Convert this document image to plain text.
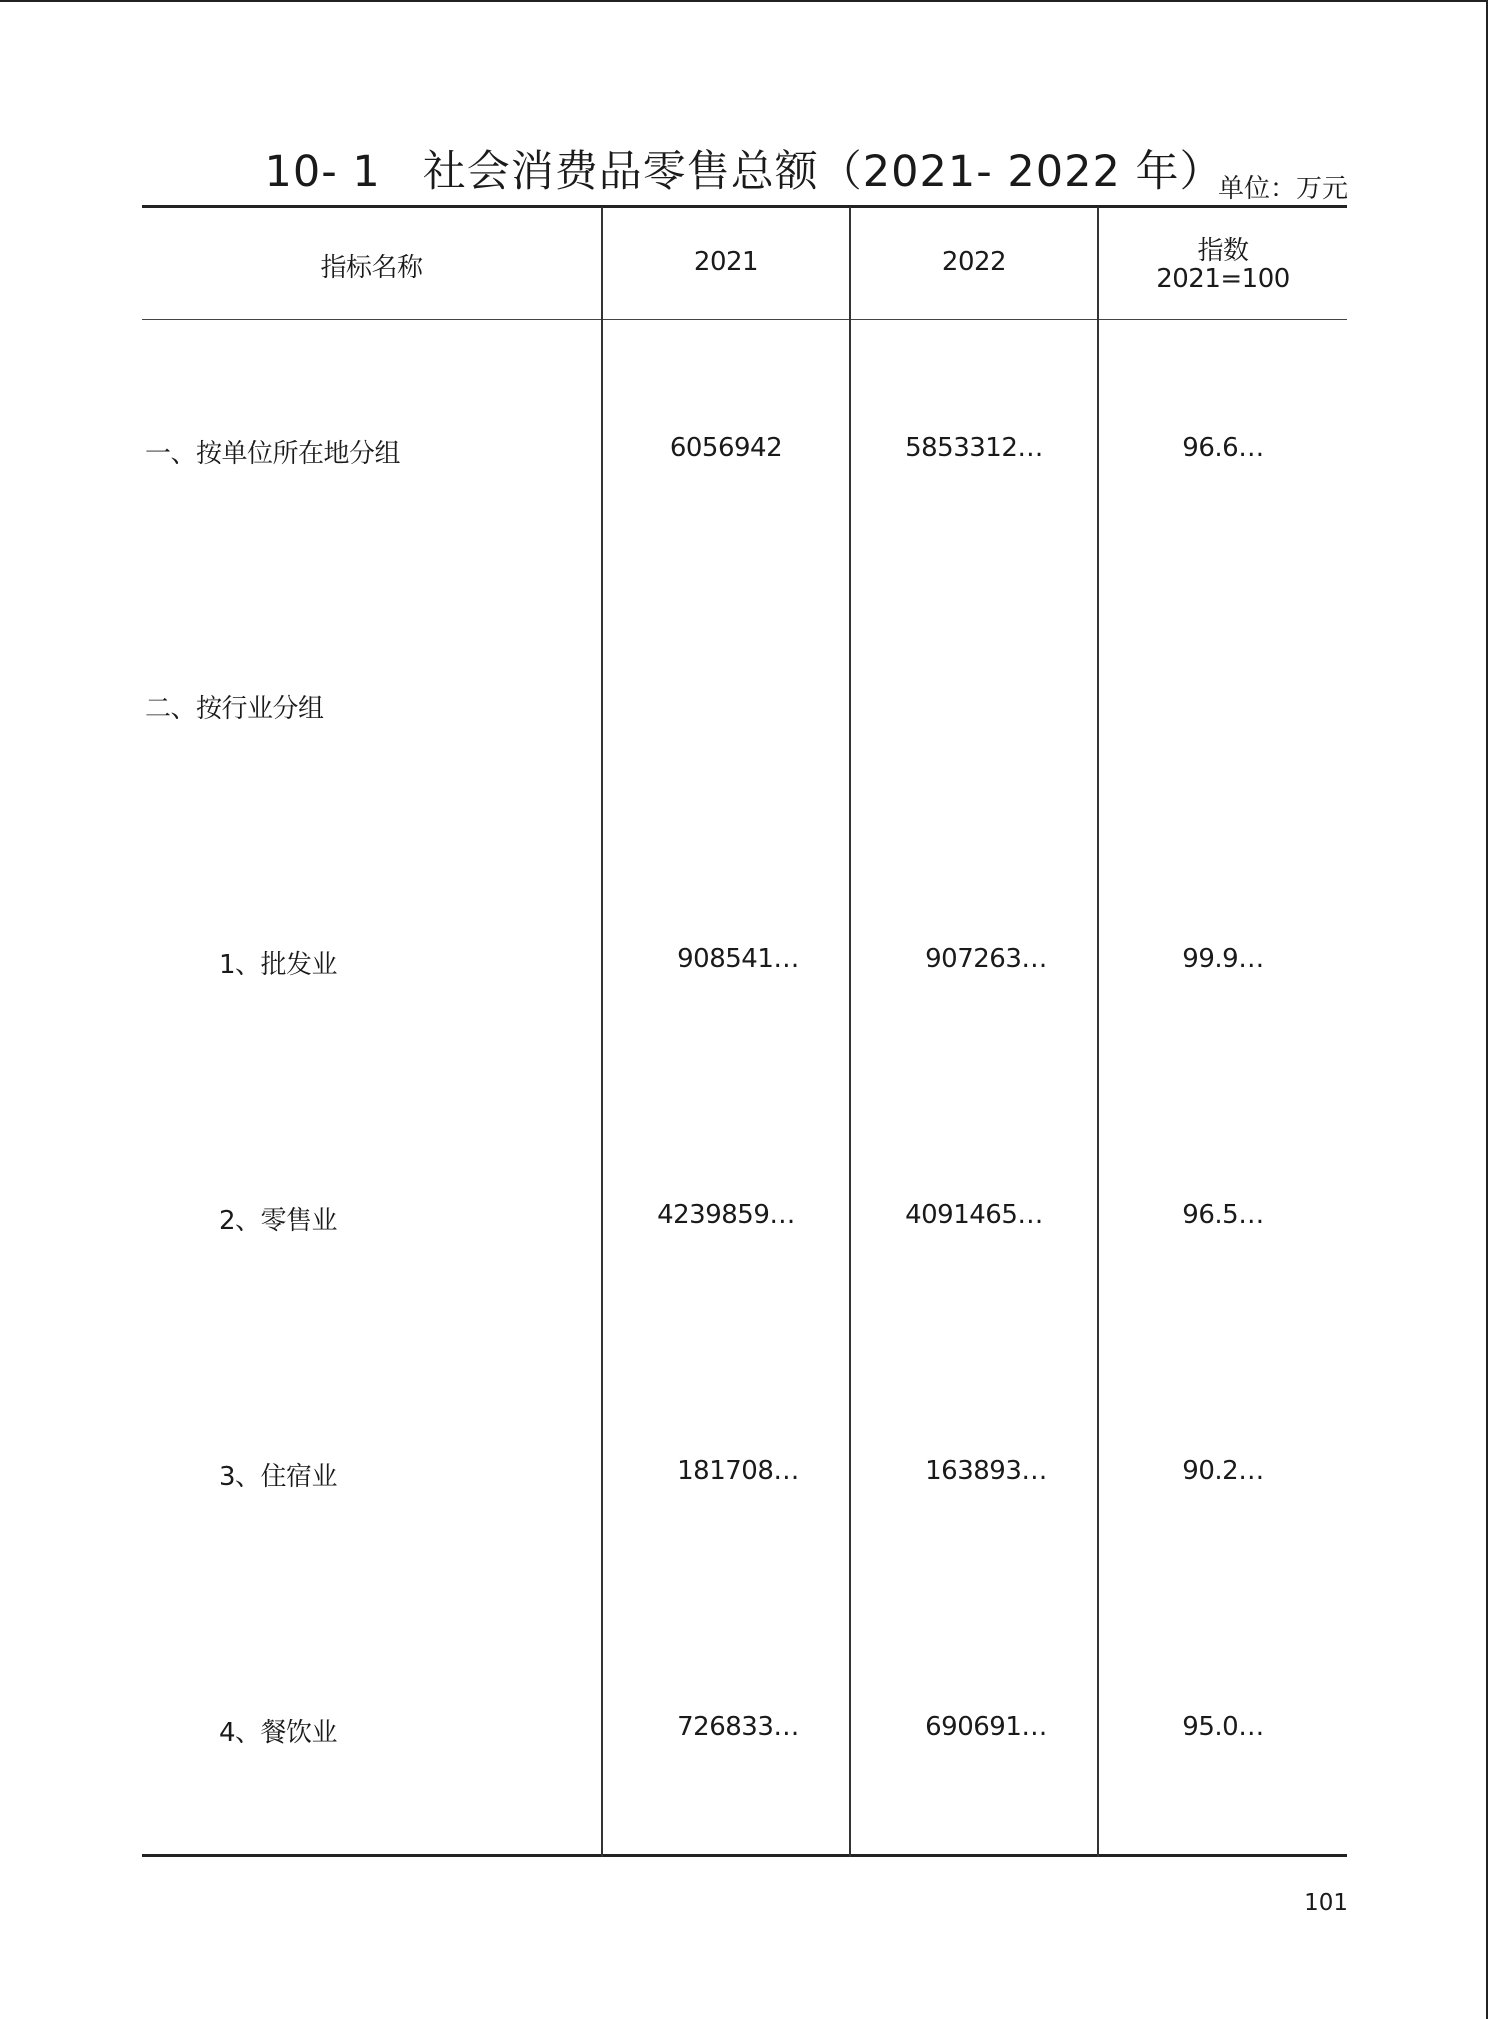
10- 1 社会消费品零售总额（2021- 2022 年）
单位：万元
指标名称	2021	2022	指数
2021=100
一、按单位所在地分组	6056942	5853312…	96.6…
二、按行业分组
1、批发业	908541…	907263…	99.9…
2、零售业	4239859…	4091465…	96.5…
3、住宿业	181708…	163893…	90.2…
4、餐饮业	726833…	690691…	95.0…
101
